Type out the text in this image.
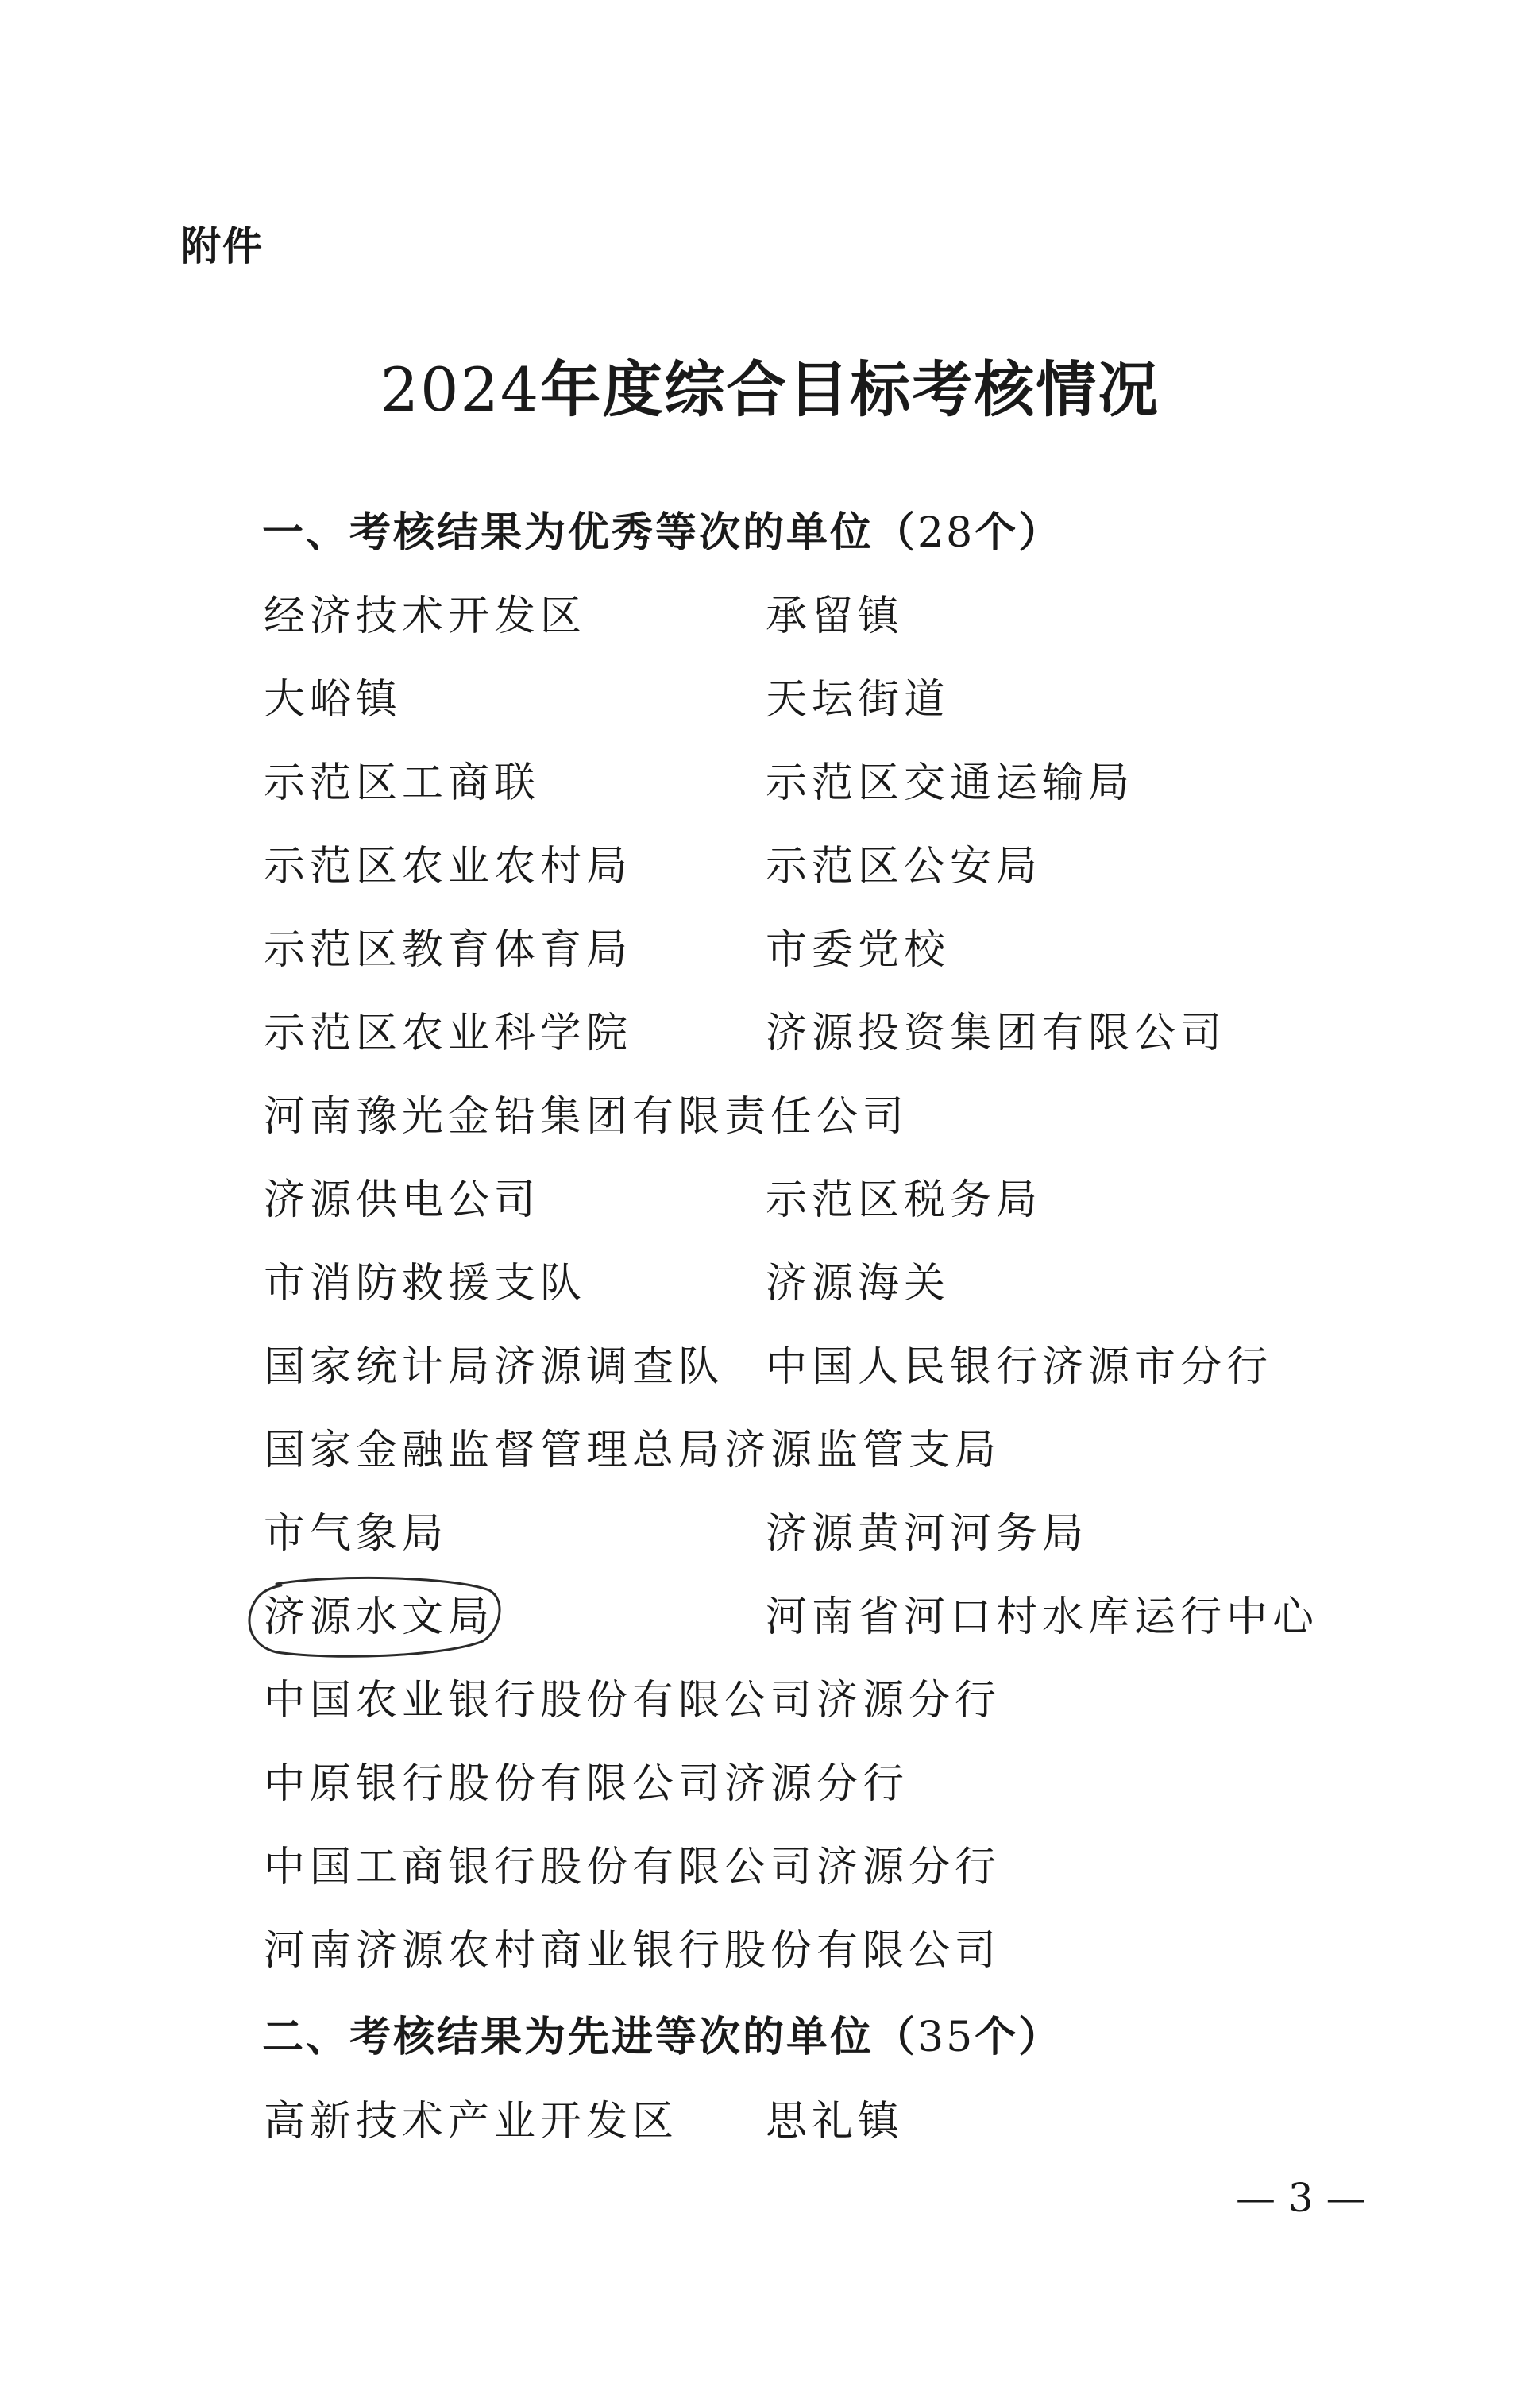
附件
2024年度综合目标考核情况
一、考核结果为优秀等次的单位（28个）
经济技术开发区	承留镇
大峪镇	天坛街道
示范区工商联	示范区交通运输局
示范区农业农村局	示范区公安局
示范区教育体育局	市委党校
示范区农业科学院	济源投资集团有限公司
河南豫光金铅集团有限责任公司
济源供电公司	示范区税务局
市消防救援支队	济源海关
国家统计局济源调查队 中国人民银行济源市分行
国家金融监督管理总局济源监管支局
市气象局	济源黄河河务局
济源水文局	河南省河口村水库运行中心
中国农业银行股份有限公司济源分行
中原银行股份有限公司济源分行
中国工商银行股份有限公司济源分行
河南济源农村商业银行股份有限公司
二、考核结果为先进等次的单位（35个）
高新技术产业开发区 思礼镇
— 3 —
